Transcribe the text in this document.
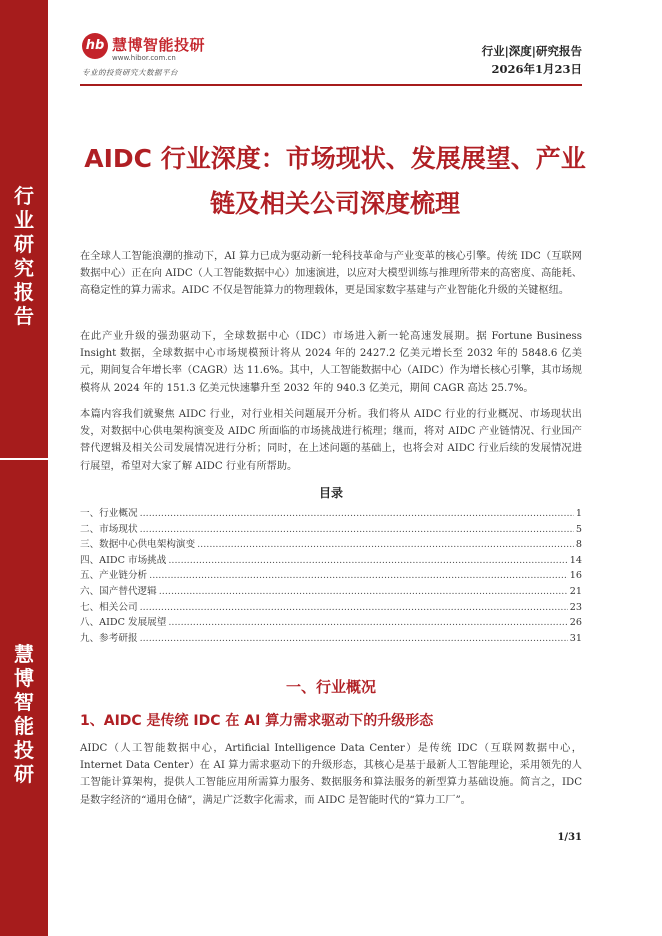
行
业
研
究
报
告
慧
博
智
能
投
研
hb 慧博智能投研
www.hibor.com.cn
专业的投资研究大数据平台
行业|深度|研究报告
2026年1月23日
AIDC 行业深度：市场现状、发展展望、产业
链及相关公司深度梳理

在全球人工智能浪潮的推动下，AI 算力已成为驱动新一轮科技革命与产业变革的核心引擎。传统 IDC（互联网数据中心）正在向 AIDC（人工智能数据中心）加速演进，以应对大模型训练与推理所带来的高密度、高能耗、高稳定性的算力需求。AIDC 不仅是智能算力的物理载体，更是国家数字基建与产业智能化升级的关键枢纽。

在此产业升级的强劲驱动下，全球数据中心（IDC）市场进入新一轮高速发展期。据 Fortune Business Insight 数据，全球数据中心市场规模预计将从 2024 年的 2427.2 亿美元增长至 2032 年的 5848.6 亿美元，期间复合年增长率（CAGR）达 11.6%。其中，人工智能数据中心（AIDC）作为增长核心引擎，其市场规模将从 2024 年的 151.3 亿美元快速攀升至 2032 年的 940.3 亿美元，期间 CAGR 高达 25.7%。

本篇内容我们就聚焦 AIDC 行业，对行业相关问题展开分析。我们将从 AIDC 行业的行业概况、市场现状出发，对数据中心供电架构演变及 AIDC 所面临的市场挑战进行梳理；继而，将对 AIDC 产业链情况、行业国产替代逻辑及相关公司发展情况进行分析；同时，在上述问题的基础上，也将会对 AIDC 行业后续的发展情况进行展望，希望对大家了解 AIDC 行业有所帮助。

目录
一、行业概况 .....	1
二、市场现状 .....	5
三、数据中心供电架构演变 .....	8
四、AIDC 市场挑战 .....	14
五、产业链分析 .....	16
六、国产替代逻辑 .....	21
七、相关公司 .....	23
八、AIDC 发展展望 .....	26
九、参考研报 .....	31
一、行业概况
1、AIDC 是传统 IDC 在 AI 算力需求驱动下的升级形态

AIDC（人工智能数据中心，Artificial Intelligence Data Center）是传统 IDC（互联网数据中心，Internet Data Center）在 AI 算力需求驱动下的升级形态，其核心是基于最新人工智能理论，采用领先的人工智能计算架构，提供人工智能应用所需算力服务、数据服务和算法服务的新型算力基础设施。简言之，IDC 是数字经济的“通用仓储”，满足广泛数字化需求，而 AIDC 是智能时代的“算力工厂”。

1/31
